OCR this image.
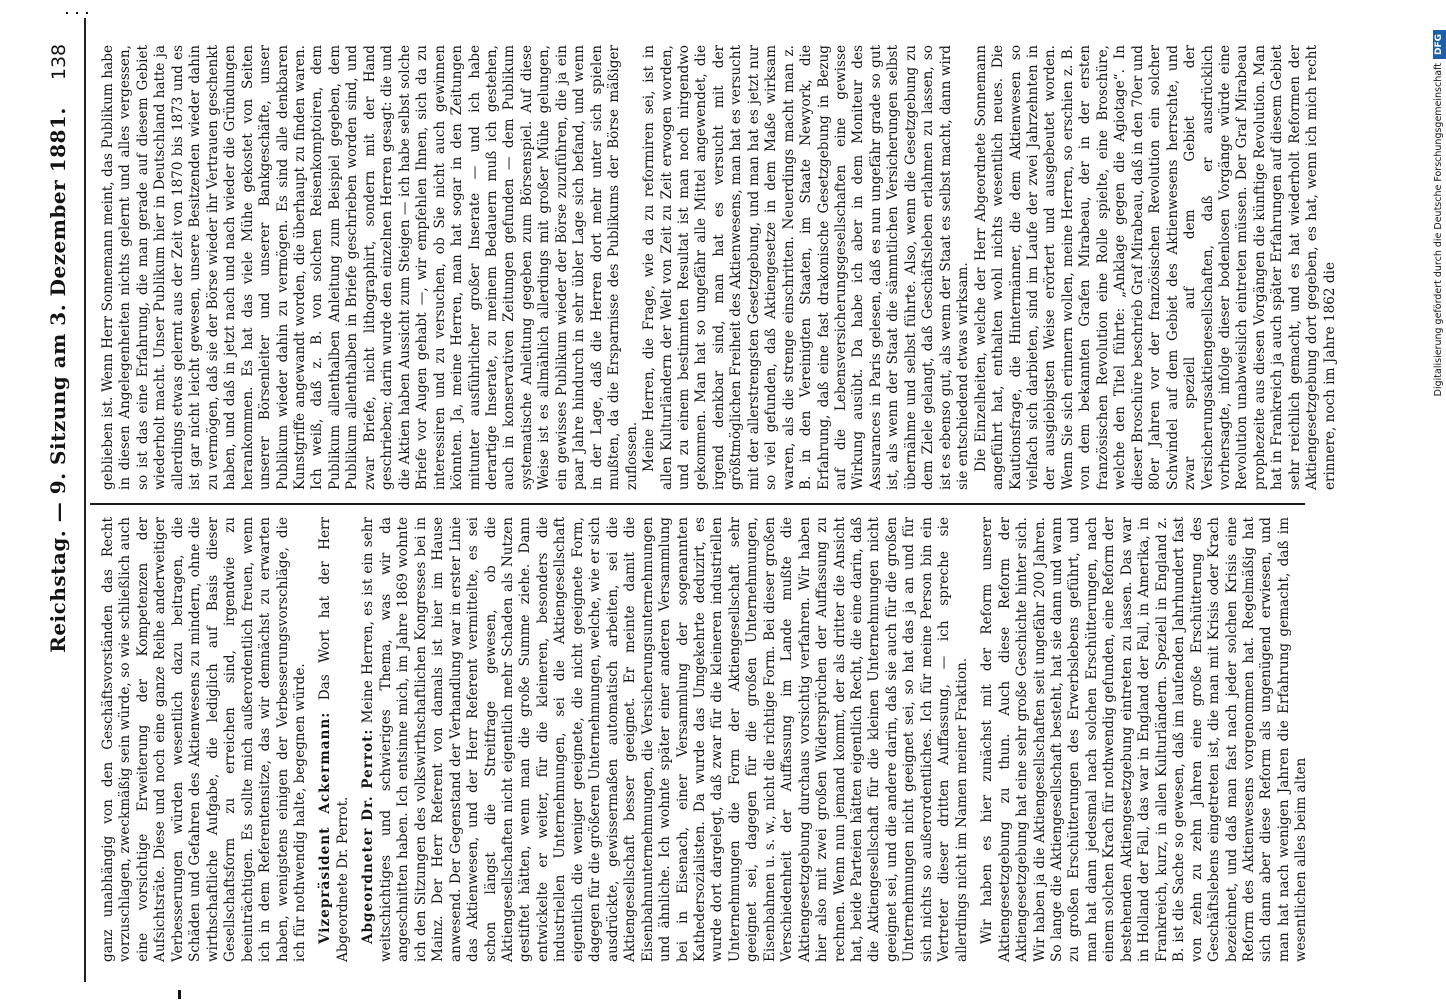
138
Reichstag. — 9. Sitzung am 3. Dezember 1881.

ganz unabhängig von den Geschäftsvorständen das Recht vorzuschlagen, zweckmäßig sein würde, so wie schließlich auch eine vorsichtige Erweiterung der Kompetenzen der Aufsichtsräte. Diese und noch eine ganze Reihe anderweitiger Verbesserungen würden wesentlich dazu beitragen, die Schäden und Gefahren des Aktienwesens zu mindern, ohne die wirthschaftliche Aufgabe, die lediglich auf Basis dieser Gesellschaftsform zu erreichen sind, irgendwie zu beeinträchtigen. Es sollte mich außerordentlich freuen, wenn ich in dem Referentensitze, das wir demnächst zu erwarten haben, wenigstens einigen der Verbesserungsvorschläge, die ich für nothwendig halte, begegnen würde. Vizepräsident Ackermann: Das Wort hat der Herr Abgeordnete Dr. Perrot. Abgeordneter Dr. Perrot: Meine Herren, es ist ein sehr weitschichtiges und schwieriges Thema, was wir da angeschnitten haben. Ich entsinne mich, im Jahre 1869 wohnte ich den Sitzungen des volkswirthschaftlichen Kongresses bei in Mainz. Der Herr Referent von damals ist hier im Hause anwesend. Der Gegenstand der Verhandlung war in erster Linie das Aktienwesen, und der Herr Referent vermittelte, es sei schon längst die Streitfrage gewesen, ob die Aktiengesellschaften nicht eigentlich mehr Schaden als Nutzen gestiftet hätten, wenn man die große Summe ziehe. Dann entwickelte er weiter, für die kleineren, besonders die industriellen Unternehmungen, sei die Aktiengesellschaft eigentlich die weniger geeignete, die nicht geeignete Form, dagegen für die größeren Unternehmungen, welche, wie er sich ausdrückte, gewissermaßen automatisch arbeiten, sei die Aktiengesellschaft besser geeignet. Er meinte damit die Eisenbahnunternehmungen, die Versicherungsunternehmungen und ähnliche. Ich wohnte später einer anderen Versammlung bei in Eisenach, einer Versammlung der sogenannten Kathedersozialisten. Da wurde das Umgekehrte deduzirt, es wurde dort dargelegt, daß zwar für die kleineren industriellen Unternehmungen die Form der Aktiengesellschaft sehr geeignet sei, dagegen für die großen Unternehmungen, Eisenbahnen u. s. w., nicht die richtige Form. Bei dieser großen Verschiedenheit der Auffassung im Lande mußte die Aktiengesetzgebung durchaus vorsichtig verfahren. Wir haben hier also mit zwei großen Widersprüchen der Auffassung zu rechnen. Wenn nun jemand kommt, der als dritter die Ansicht hat, beide Parteien hätten eigentlich Recht, die eine darin, daß die Aktiengesellschaft für die kleinen Unternehmungen nicht geeignet sei, und die andere darin, daß sie auch für die großen Unternehmungen nicht geeignet sei, so hat das ja an und für sich nichts so außerordentliches. Ich für meine Person bin ein Vertreter dieser dritten Auffassung, — ich spreche sie allerdings nicht im Namen meiner Fraktion. Wir haben es hier zunächst mit der Reform unserer Aktiengesetzgebung zu thun. Auch diese Reform der Aktiengesetzgebung hat eine sehr große Geschichte hinter sich. Wir haben ja die Aktiengesellschaften seit ungefähr 200 Jahren. So lange die Aktiengesellschaft besteht, hat sie dann und wann zu großen Erschütterungen des Erwerbslebens geführt, und man hat dann jedesmal nach solchen Erschütterungen, nach einem solchen Krach für nothwendig gefunden, eine Reform der bestehenden Aktiengesetzgebung eintreten zu lassen. Das war in Holland der Fall, das war in England der Fall, in Amerika, in Frankreich, kurz, in allen Kulturländern. Speziell in England z. B. ist die Sache so gewesen, daß im laufenden Jahrhundert fast von zehn zu zehn Jahren eine große Erschütterung des Geschäftslebens eingetreten ist, die man mit Krisis oder Krach bezeichnet, und daß man fast nach jeder solchen Krisis eine Reform des Aktienwesens vorgenommen hat. Regelmäßig hat sich dann aber diese Reform als ungenügend erwiesen, und man hat nach wenigen Jahren die Erfahrung gemacht, daß im wesentlichen alles beim alten

geblieben ist. Wenn Herr Sonnemann meint, das Publikum habe in diesen Angelegenheiten nichts gelernt und alles vergessen, so ist das eine Erfahrung, die man gerade auf diesem Gebiet wiederholt macht. Unser Publikum hier in Deutschland hatte ja allerdings etwas gelernt aus der Zeit von 1870 bis 1873 und es ist gar nicht leicht gewesen, unsere Besitzenden wieder dahin zu vermögen, daß sie der Börse wieder ihr Vertrauen geschenkt haben, und daß in jetzt nach und nach wieder die Gründungen herankommen. Es hat das viele Mühe gekostet von Seiten unserer Börsenleiter und unserer Bankgeschäfte, unser Publikum wieder dahin zu vermögen. Es sind alle denkbaren Kunstgriffe angewandt worden, die überhaupt zu finden waren. Ich weiß, daß z. B. von solchen Reisenkomptoiren, dem Publikum allenthalben Anleitung zum Beispiel gegeben, dem Publikum allenthalben in Briefe geschrieben worden sind, und zwar Briefe, nicht lithographirt, sondern mit der Hand geschrieben; darin wurde den einzelnen Herren gesagt: die und die Aktien haben Aussicht zum Steigen — ich habe selbst solche Briefe vor Augen gehabt —, wir empfehlen Ihnen, sich da zu interessiren und zu versuchen, ob Sie nicht auch gewinnen könnten. Ja, meine Herren, man hat sogar in den Zeitungen mitunter ausführlicher großer Inserate — und ich habe derartige Inserate, zu meinem Bedauern muß ich gestehen, auch in konservativen Zeitungen gefunden — dem Publikum systematische Anleitung gegeben zum Börsenspiel. Auf diese Weise ist es allmählich allerdings mit großer Mühe gelungen, ein gewisses Publikum wieder der Börse zuzuführen, die ja ein paar Jahre hindurch in sehr übler Lage sich befand, und wenn in der Lage, daß die Herren dort mehr unter sich spielen mußten, da die Ersparnisse des Publikums der Börse mäßiger zuflossen. Meine Herren, die Frage, wie da zu reformiren sei, ist in allen Kulturländern der Welt von Zeit zu Zeit erwogen worden, und zu einem bestimmten Resultat ist man noch nirgendwo gekommen. Man hat so ungefähr alle Mittel angewendet, die irgend denkbar sind, man hat es versucht mit der größtmöglichen Freiheit des Aktienwesens, man hat es versucht mit der allerstrengsten Gesetzgebung, und man hat es jetzt nur so viel gefunden, daß Aktiengesetze in dem Maße wirksam waren, als die strenge einschritten. Neuerdings macht man z. B. in den Vereinigten Staaten, im Staate Newyork, die Erfahrung, daß eine fast drakonische Gesetzgebung in Bezug auf die Lebensversicherungsgesellschaften eine gewisse Wirkung ausübt. Da habe ich aber in dem Moniteur des Assurances in Paris gelesen, daß es nun ungefähr grade so gut ist, als wenn der Staat die sämmtlichen Versicherungen selbst übernähme und selbst führte. Also, wenn die Gesetzgebung zu dem Ziele gelangt, daß Geschäftsleben erlahmen zu lassen, so ist es ebenso gut, als wenn der Staat es selbst macht, dann wird sie entschiedend etwas wirksam. Die Einzelheiten, welche der Herr Abgeordnete Sonnemann angeführt hat, enthalten wohl nichts wesentlich neues. Die Kautionsfrage, die Hintermänner, die dem Aktienwesen so vielfach sich darbieten, sind im Laufe der zwei Jahrzehnten in der ausgiebigsten Weise erörtert und ausgebeutet worden. Wenn Sie sich erinnern wollen, meine Herren, so erschien z. B. von dem bekannten Grafen Mirabeau, der in der ersten französischen Revolution eine Rolle spielte, eine Broschüre, welche den Titel führte: „Anklage gegen die Agiotage“. In dieser Broschüre beschrieb Graf Mirabeau, daß in den 70er und 80er Jahren vor der französischen Revolution ein solcher Schwindel auf dem Gebiet des Aktienwesens herrschte, und zwar speziell auf dem Gebiet der Versicherungsaktiengesellschaften, daß er ausdrücklich vorhersagte, infolge dieser bodenlosen Vorgänge würde eine Revolution unabweislich eintreten müssen. Der Graf Mirabeau prophezeite aus diesen Vorgängen die künftige Revolution. Man hat in Frankreich ja auch später Erfahrungen auf diesem Gebiet sehr reichlich gemacht, und es hat wiederholt Reformen der Aktiengesetzgebung dort gegeben, es hat, wenn ich mich recht erinnere, noch im Jahre 1862 die	Digitalisierung gefördert durch die Deutsche Forschungsgemeinschaft
DFG
